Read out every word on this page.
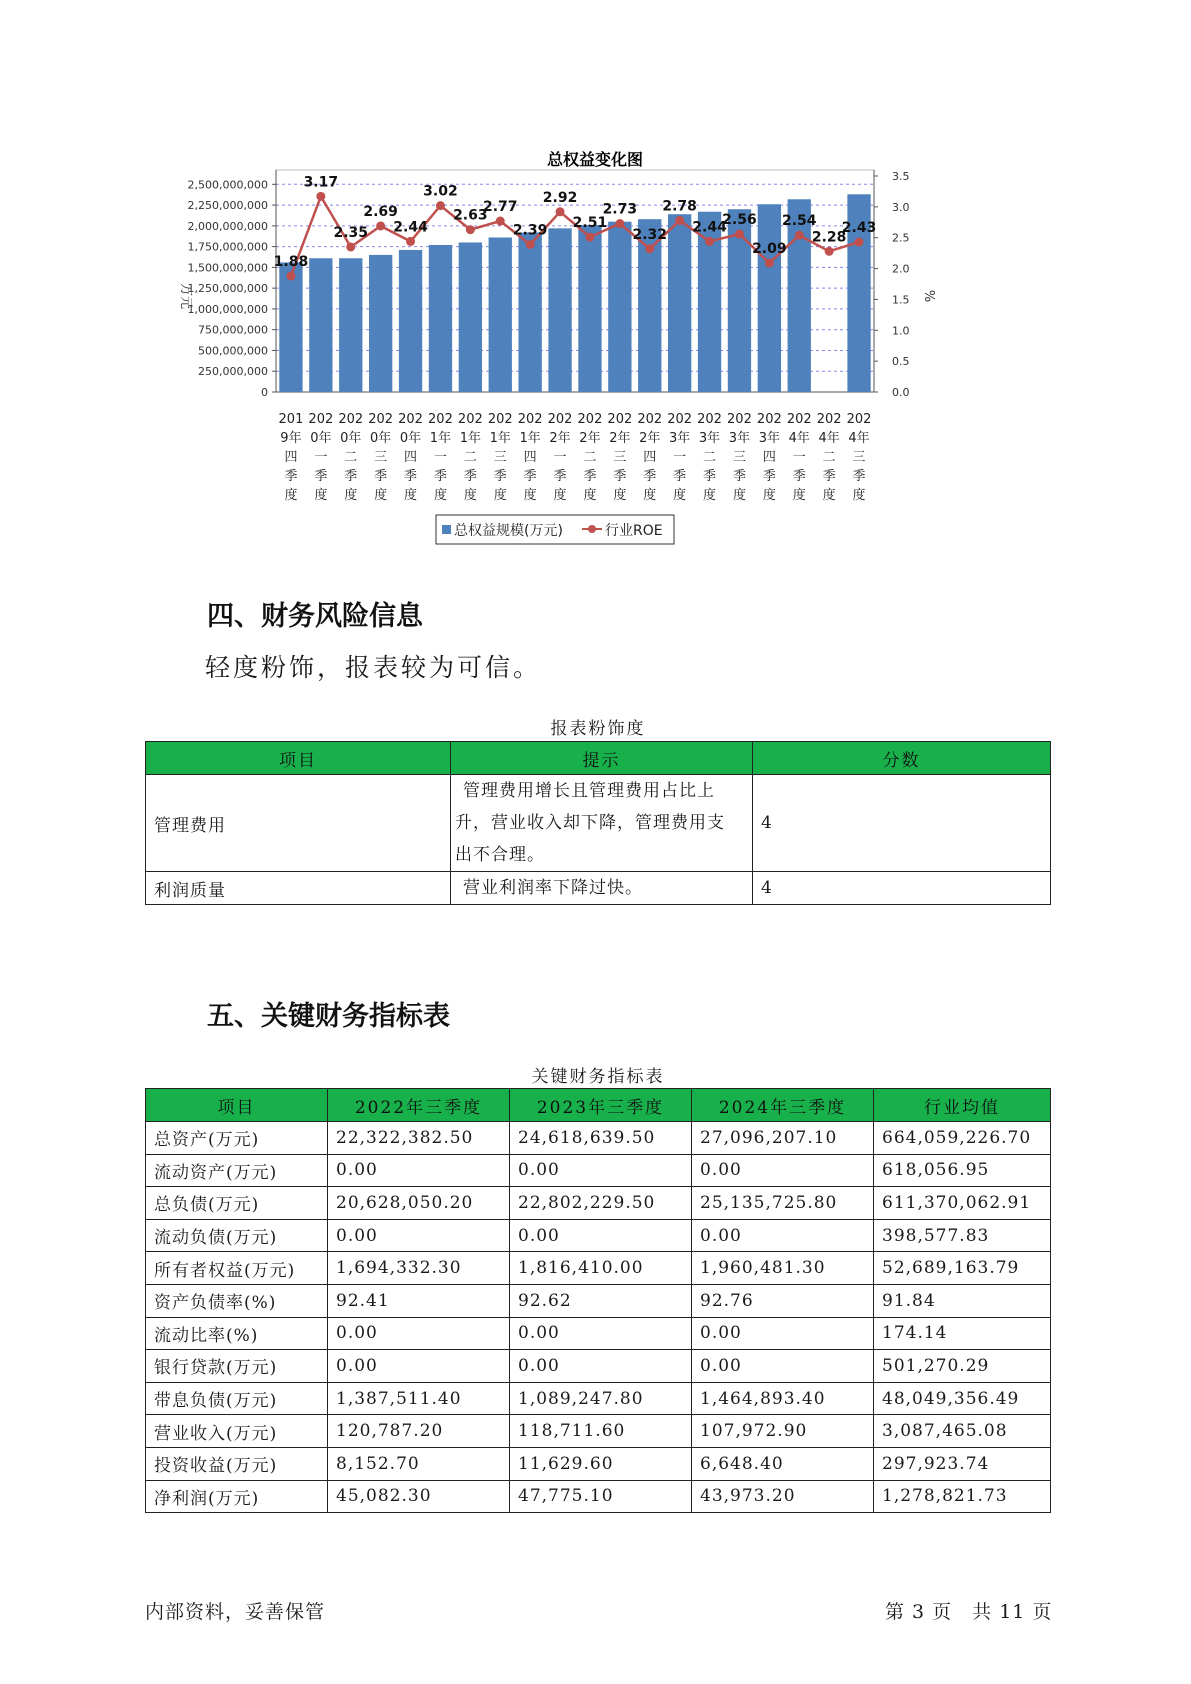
总权益变化图
0
250,000,000
500,000,000
750,000,000
1,000,000,000
1,250,000,000
1,500,000,000
1,750,000,000
2,000,000,000
2,250,000,000
2,500,000,000
0.0
0.5
1.0
1.5
2.0
2.5
3.0
3.5
1.88
3.17
2.35
2.69
2.44
3.02
2.63
2.77
2.39
2.92
2.51
2.73
2.32
2.78
2.44
2.56
2.09
2.54
2.28
2.43
201
9年
四
季
度
202
0年
一
季
度
202
0年
二
季
度
202
0年
三
季
度
202
0年
四
季
度
202
1年
一
季
度
202
1年
二
季
度
202
1年
三
季
度
202
1年
四
季
度
202
2年
一
季
度
202
2年
二
季
度
202
2年
三
季
度
202
2年
四
季
度
202
3年
一
季
度
202
3年
二
季
度
202
3年
三
季
度
202
3年
四
季
度
202
4年
一
季
度
202
4年
二
季
度
202
4年
三
季
度
万元	%
总权益规模(万元)	行业ROE
四、财务风险信息

轻度粉饰，报表较为可信。

报表粉饰度
项目	提示	分数
管理费用	管理费用增长且管理费用占比上
升，营业收入却下降，管理费用支
出不合理。	4
利润质量	营业利润率下降过快。	4
五、关键财务指标表
关键财务指标表
项目	2022年三季度	2023年三季度	2024年三季度	行业均值
总资产(万元)	22,322,382.50	24,618,639.50	27,096,207.10	664,059,226.70
流动资产(万元)	0.00	0.00	0.00	618,056.95
总负债(万元)	20,628,050.20	22,802,229.50	25,135,725.80	611,370,062.91
流动负债(万元)	0.00	0.00	0.00	398,577.83
所有者权益(万元)	1,694,332.30	1,816,410.00	1,960,481.30	52,689,163.79
资产负债率(%)	92.41	92.62	92.76	91.84
流动比率(%)	0.00	0.00	0.00	174.14
银行贷款(万元)	0.00	0.00	0.00	501,270.29
带息负债(万元)	1,387,511.40	1,089,247.80	1,464,893.40	48,049,356.49
营业收入(万元)	120,787.20	118,711.60	107,972.90	3,087,465.08
投资收益(万元)	8,152.70	11,629.60	6,648.40	297,923.74
净利润(万元)	45,082.30	47,775.10	43,973.20	1,278,821.73
内部资料，妥善保管	第 3 页　共 11 页
